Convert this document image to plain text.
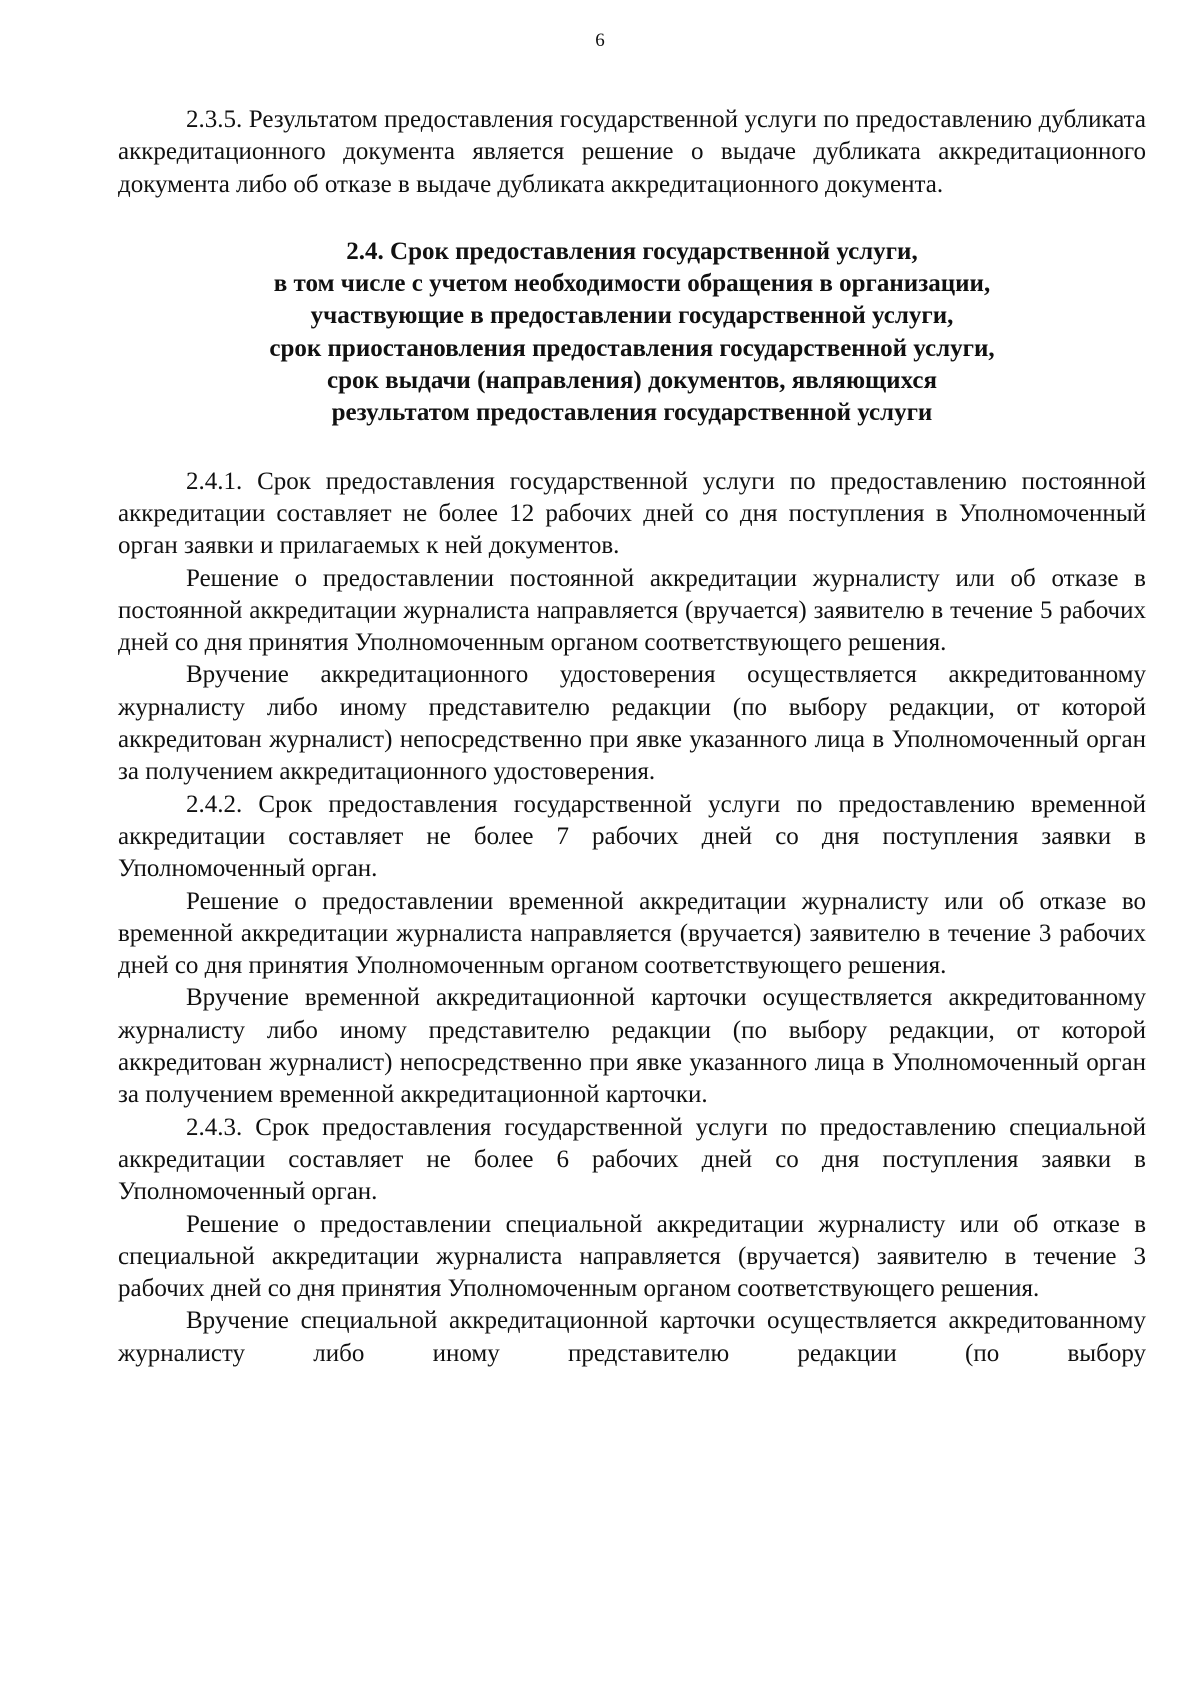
6

2.3.5. Результатом предоставления государственной услуги по предоставлению дубликата аккредитационного документа является решение о выдаче дубликата аккредитационного документа либо об отказе в выдаче дубликата аккредитационного документа.

2.4. Срок предоставления государственной услуги,
в том числе с учетом необходимости обращения в организации,
участвующие в предоставлении государственной услуги,
срок приостановления предоставления государственной услуги,
срок выдачи (направления) документов, являющихся
результатом предоставления государственной услуги

2.4.1. Срок предоставления государственной услуги по предоставлению постоянной аккредитации составляет не более 12 рабочих дней со дня поступления в Уполномоченный орган заявки и прилагаемых к ней документов.

Решение о предоставлении постоянной аккредитации журналисту или об отказе в постоянной аккредитации журналиста направляется (вручается) заявителю в течение 5 рабочих дней со дня принятия Уполномоченным органом соответствующего решения.

Вручение аккредитационного удостоверения осуществляется аккредитованному журналисту либо иному представителю редакции (по выбору редакции, от которой аккредитован журналист) непосредственно при явке указанного лица в Уполномоченный орган за получением аккредитационного удостоверения.

2.4.2. Срок предоставления государственной услуги по предоставлению временной аккредитации составляет не более 7 рабочих дней со дня поступления заявки в Уполномоченный орган.

Решение о предоставлении временной аккредитации журналисту или об отказе во временной аккредитации журналиста направляется (вручается) заявителю в течение 3 рабочих дней со дня принятия Уполномоченным органом соответствующего решения.

Вручение временной аккредитационной карточки осуществляется аккредитованному журналисту либо иному представителю редакции (по выбору редакции, от которой аккредитован журналист) непосредственно при явке указанного лица в Уполномоченный орган за получением временной аккредитационной карточки.

2.4.3. Срок предоставления государственной услуги по предоставлению специальной аккредитации составляет не более 6 рабочих дней со дня поступления заявки в Уполномоченный орган.

Решение о предоставлении специальной аккредитации журналисту или об отказе в специальной аккредитации журналиста направляется (вручается) заявителю в течение 3 рабочих дней со дня принятия Уполномоченным органом соответствующего решения.

Вручение специальной аккредитационной карточки осуществляется аккредитованному журналисту либо иному представителю редакции (по выбору
